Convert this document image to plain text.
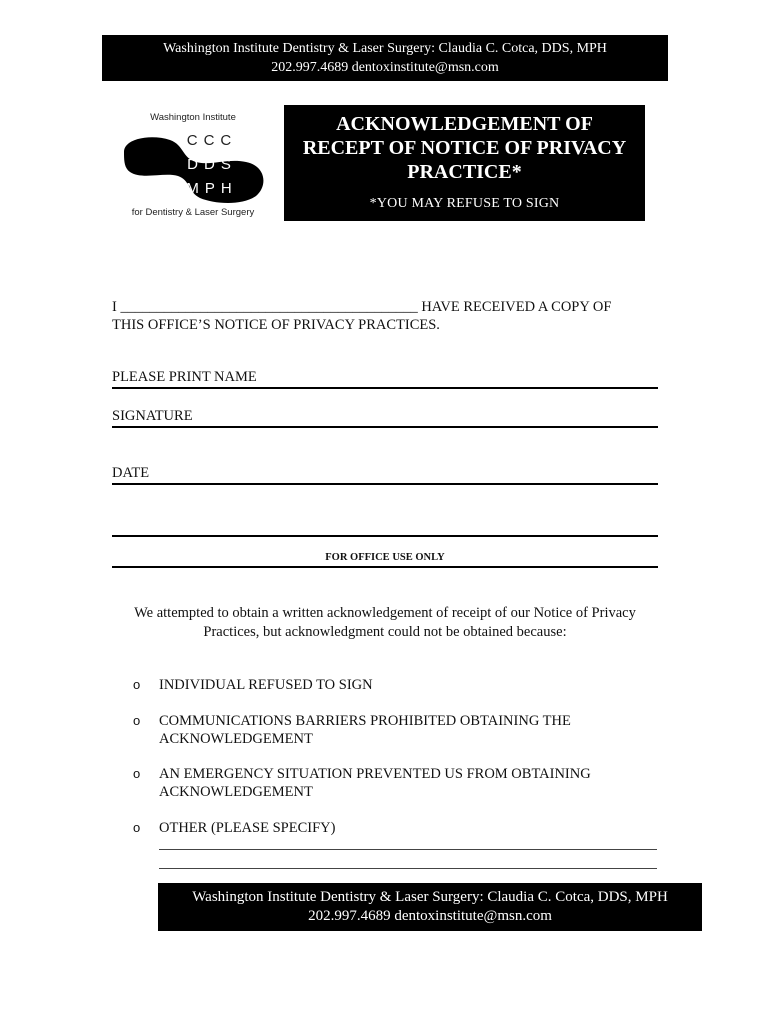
Washington Institute Dentistry & Laser Surgery: Claudia C. Cotca, DDS, MPH
202.997.4689 dentoxinstitute@msn.com
Washington Institute
CCC
DDS
MPH
for Dentistry & Laser Surgery
ACKNOWLEDGEMENT OF RECEPT OF NOTICE OF PRIVACY PRACTICE*
*YOU MAY REFUSE TO SIGN
I _________________________________________ HAVE RECEIVED A COPY OF
THIS OFFICE’S NOTICE OF PRIVACY PRACTICES.
PLEASE PRINT NAME
SIGNATURE
DATE
FOR OFFICE USE ONLY
We attempted to obtain a written acknowledgement of receipt of our Notice of Privacy Practices, but acknowledgment could not be obtained because:
o INDIVIDUAL REFUSED TO SIGN
o COMMUNICATIONS BARRIERS PROHIBITED OBTAINING THE
ACKNOWLEDGEMENT
o AN EMERGENCY SITUATION PREVENTED US FROM OBTAINING
ACKNOWLEDGEMENT
o OTHER (PLEASE SPECIFY)
Washington Institute Dentistry & Laser Surgery: Claudia C. Cotca, DDS, MPH
202.997.4689 dentoxinstitute@msn.com
